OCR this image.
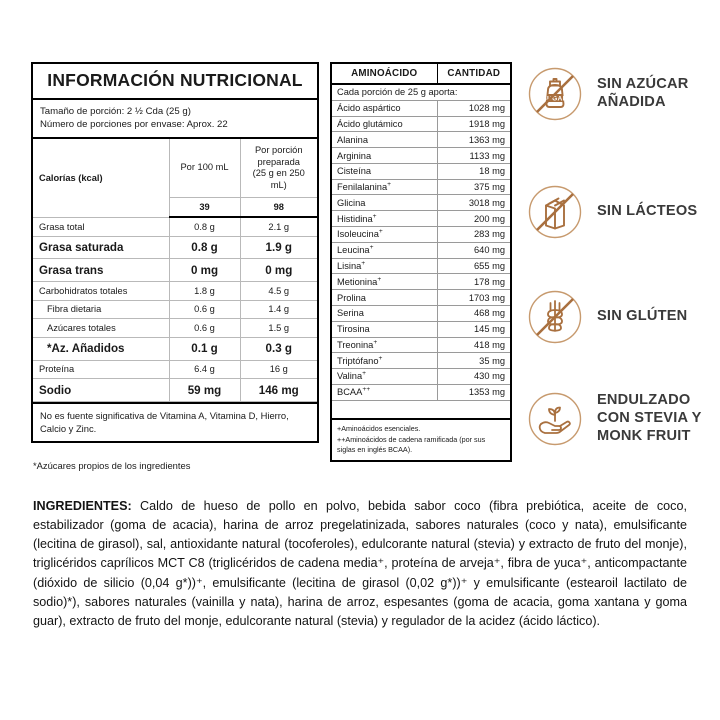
INFORMACIÓN NUTRICIONAL
Tamaño de porción: 2 ½ Cda (25 g)
Número de porciones por envase: Aprox. 22
Calorías (kcal)	Por 100 mL	Por porción
preparada
(25 g en 250 mL)
	39	98
Grasa total	0.8 g	2.1 g
Grasa saturada	0.8 g	1.9 g
Grasa trans	0 mg	0 mg
Carbohidratos totales	1.8 g	4.5 g
Fibra dietaria	0.6 g	1.4 g
Azúcares totales	0.6 g	1.5 g
*Az. Añadidos	0.1 g	0.3 g
Proteína	6.4 g	16 g
Sodio	59 mg	146 mg
No es fuente significativa de Vitamina A, Vitamina D, Hierro, Calcio y Zinc.
*Azúcares propios de los ingredientes
AMINOÁCIDO	CANTIDAD
Cada porción de 25 g aporta:	
Ácido aspártico	1028 mg
Ácido glutámico	1918 mg
Alanina	1363 mg
Arginina	1133 mg
Cisteína	18 mg
Fenilalanina+	375 mg
Glicina	3018 mg
Histidina+	200 mg
Isoleucina+	283 mg
Leucina+	640 mg
Lisina+	655 mg
Metionina+	178 mg
Prolina	1703 mg
Serina	468 mg
Tirosina	145 mg
Treonina+	418 mg
Triptófano+	35 mg
Valina+	430 mg
BCAA++	1353 mg
+Aminoácidos esenciales.
++Aminoácidos de cadena ramificada (por sus siglas en inglés BCAA).
SUGAR
SIN AZÚCAR AÑADIDA
SIN LÁCTEOS
SIN GLÚTEN
ENDULZADO CON STEVIA Y MONK FRUIT
INGREDIENTES: Caldo de hueso de pollo en polvo, bebida sabor coco (fibra prebiótica, aceite de coco, estabilizador (goma de acacia), harina de arroz pregelatinizada, sabores naturales (coco y nata), emulsificante (lecitina de girasol), sal, antioxidante natural (tocoferoles), edulcorante natural (stevia) y extracto de fruto del monje), triglicéridos caprílicos MCT C8 (triglicéridos de cadena media⁺, proteína de arveja⁺, fibra de yuca⁺, anticompactante (dióxido de silicio (0,04 g*))⁺, emulsificante (lecitina de girasol (0,02 g*))⁺ y emulsificante (estearoil lactilato de sodio)*), sabores naturales (vainilla y nata), harina de arroz, espesantes (goma de acacia, goma xantana y goma guar), extracto de fruto del monje, edulcorante natural (stevia) y regulador de la acidez (ácido láctico).
